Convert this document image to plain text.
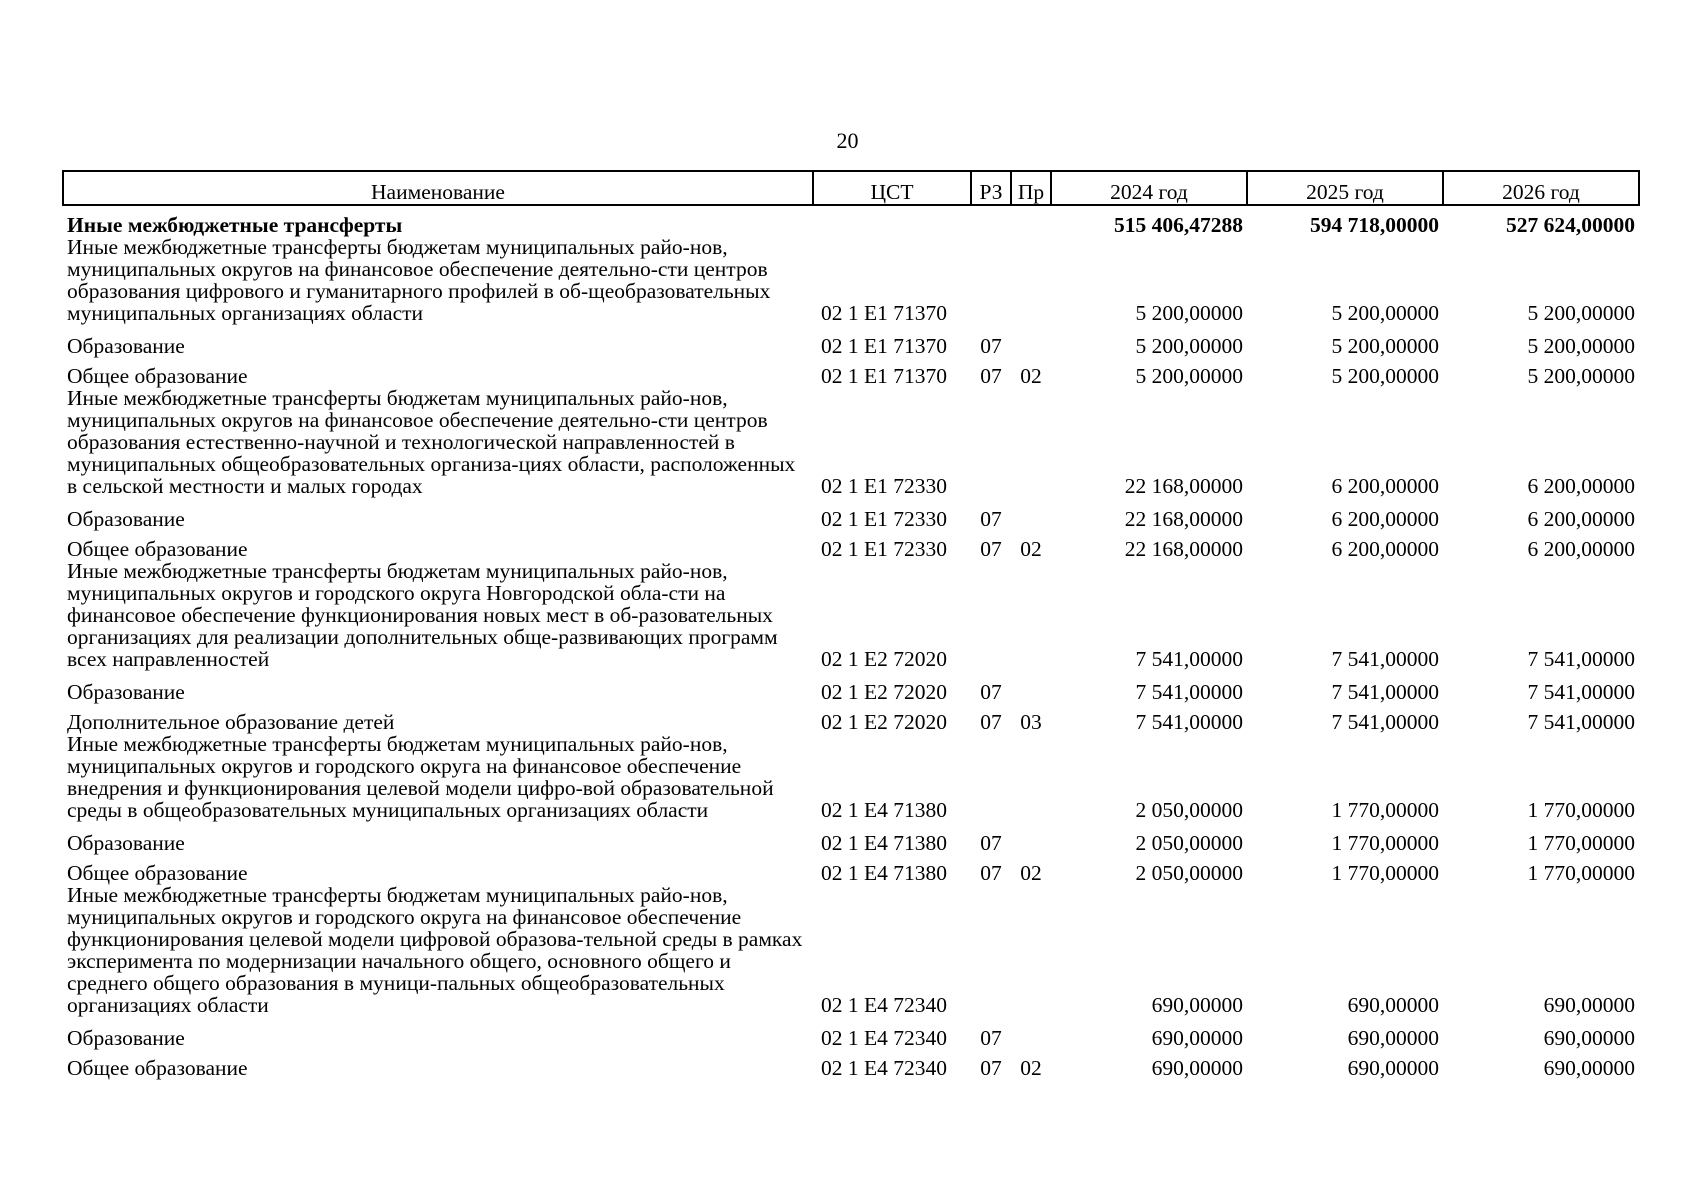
20
Наименование	ЦСТ	РЗ	Пр	2024 год	2025 год	2026 год
Иные межбюджетные трансферты				515 406,47288	594 718,00000	527 624,00000
Иные межбюджетные трансферты бюджетам муниципальных райо-нов, муниципальных округов на финансовое обеспечение деятельно-сти центров образования цифрового и гуманитарного профилей в об-щеобразовательных муниципальных организациях области	02 1 E1 71370			5 200,00000	5 200,00000	5 200,00000
Образование	02 1 E1 71370	07		5 200,00000	5 200,00000	5 200,00000
Общее образование	02 1 E1 71370	07	02	5 200,00000	5 200,00000	5 200,00000
Иные межбюджетные трансферты бюджетам муниципальных райо-нов, муниципальных округов на финансовое обеспечение деятельно-сти центров образования естественно-научной и технологической направленностей в муниципальных общеобразовательных организа-циях области, расположенных в сельской местности и малых городах	02 1 E1 72330			22 168,00000	6 200,00000	6 200,00000
Образование	02 1 E1 72330	07		22 168,00000	6 200,00000	6 200,00000
Общее образование	02 1 E1 72330	07	02	22 168,00000	6 200,00000	6 200,00000
Иные межбюджетные трансферты бюджетам муниципальных райо-нов, муниципальных округов и городского округа Новгородской обла-сти на финансовое обеспечение функционирования новых мест в об-разовательных организациях для реализации дополнительных обще-развивающих программ всех направленностей	02 1 E2 72020			7 541,00000	7 541,00000	7 541,00000
Образование	02 1 E2 72020	07		7 541,00000	7 541,00000	7 541,00000
Дополнительное образование детей	02 1 E2 72020	07	03	7 541,00000	7 541,00000	7 541,00000
Иные межбюджетные трансферты бюджетам муниципальных райо-нов, муниципальных округов и городского округа на финансовое обеспечение внедрения и функционирования целевой модели цифро-вой образовательной среды в общеобразовательных муниципальных организациях области	02 1 E4 71380			2 050,00000	1 770,00000	1 770,00000
Образование	02 1 E4 71380	07		2 050,00000	1 770,00000	1 770,00000
Общее образование	02 1 E4 71380	07	02	2 050,00000	1 770,00000	1 770,00000
Иные межбюджетные трансферты бюджетам муниципальных райо-нов, муниципальных округов и городского округа на финансовое обеспечение функционирования целевой модели цифровой образова-тельной среды в рамках эксперимента по модернизации начального общего, основного общего и среднего общего образования в муници-пальных общеобразовательных организациях области	02 1 E4 72340			690,00000	690,00000	690,00000
Образование	02 1 E4 72340	07		690,00000	690,00000	690,00000
Общее образование	02 1 E4 72340	07	02	690,00000	690,00000	690,00000
